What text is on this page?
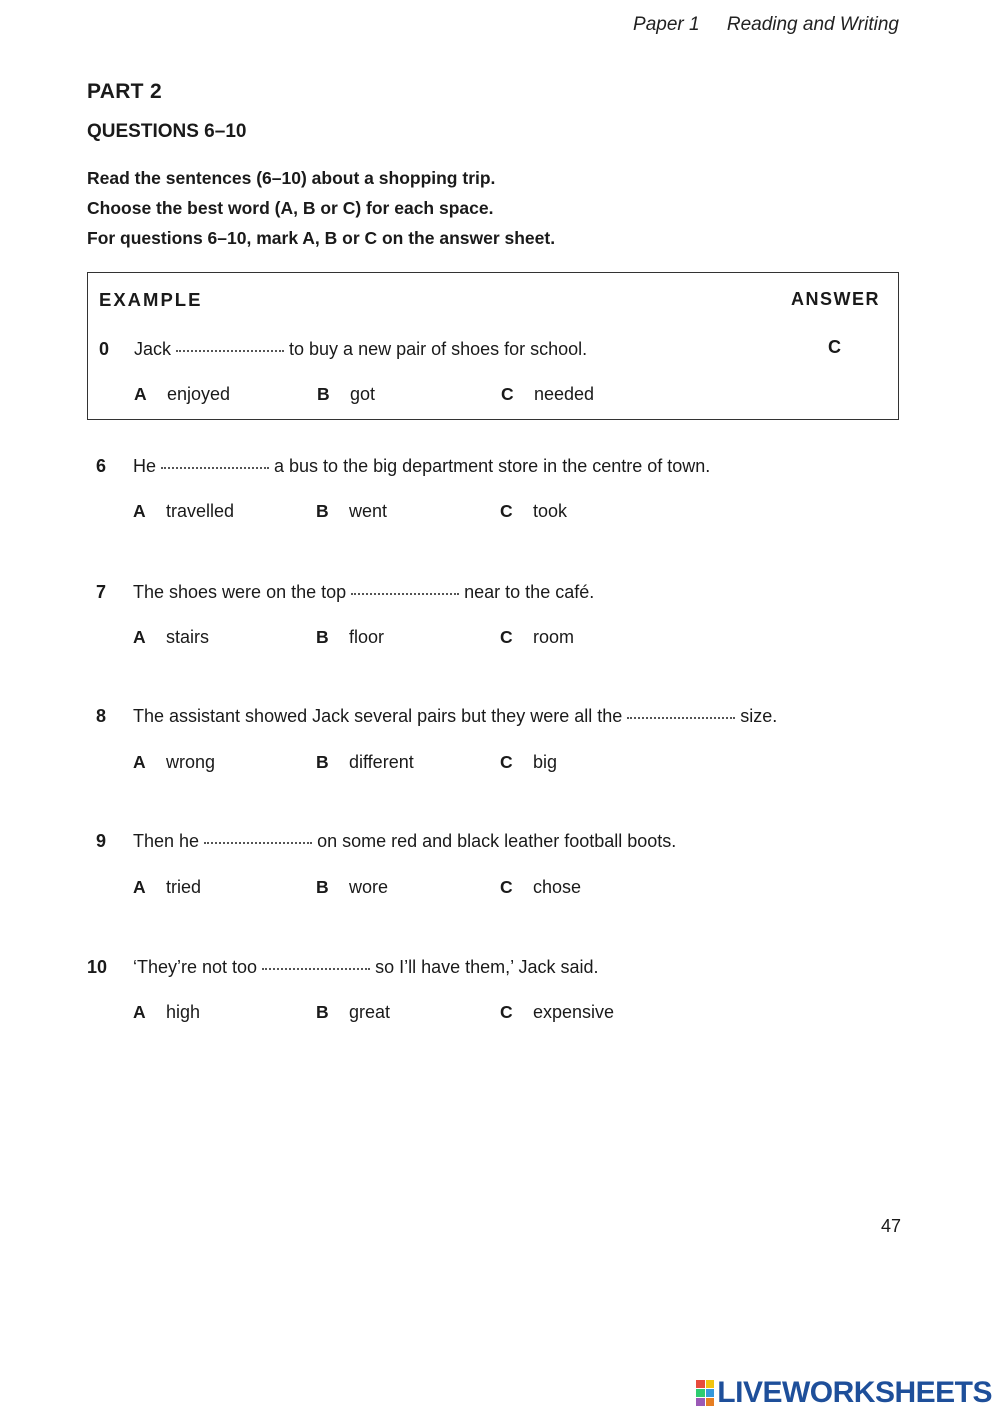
Paper 1 Reading and Writing
PART 2
QUESTIONS 6–10
Read the sentences (6–10) about a shopping trip.
Choose the best word (A, B or C) for each space.
For questions 6–10, mark A, B or C on the answer sheet.
EXAMPLE	ANSWER
0 Jack	to buy a new pair of shoes for school.	C
A enjoyed	B got	C needed
6 He	a bus to the big department store in the centre of town.
A travelled	B went	C took
7 The shoes were on the top	near to the café.
A stairs	B floor	C room
8 The assistant showed Jack several pairs but they were all the	size.
A wrong	B different	C big
9 Then he	on some red and black leather football boots.
A tried	B wore	C chose
10 ‘They’re not too	so I’ll have them,’ Jack said.
A high	B great	C expensive
47
LIVEWORKSHEETS
